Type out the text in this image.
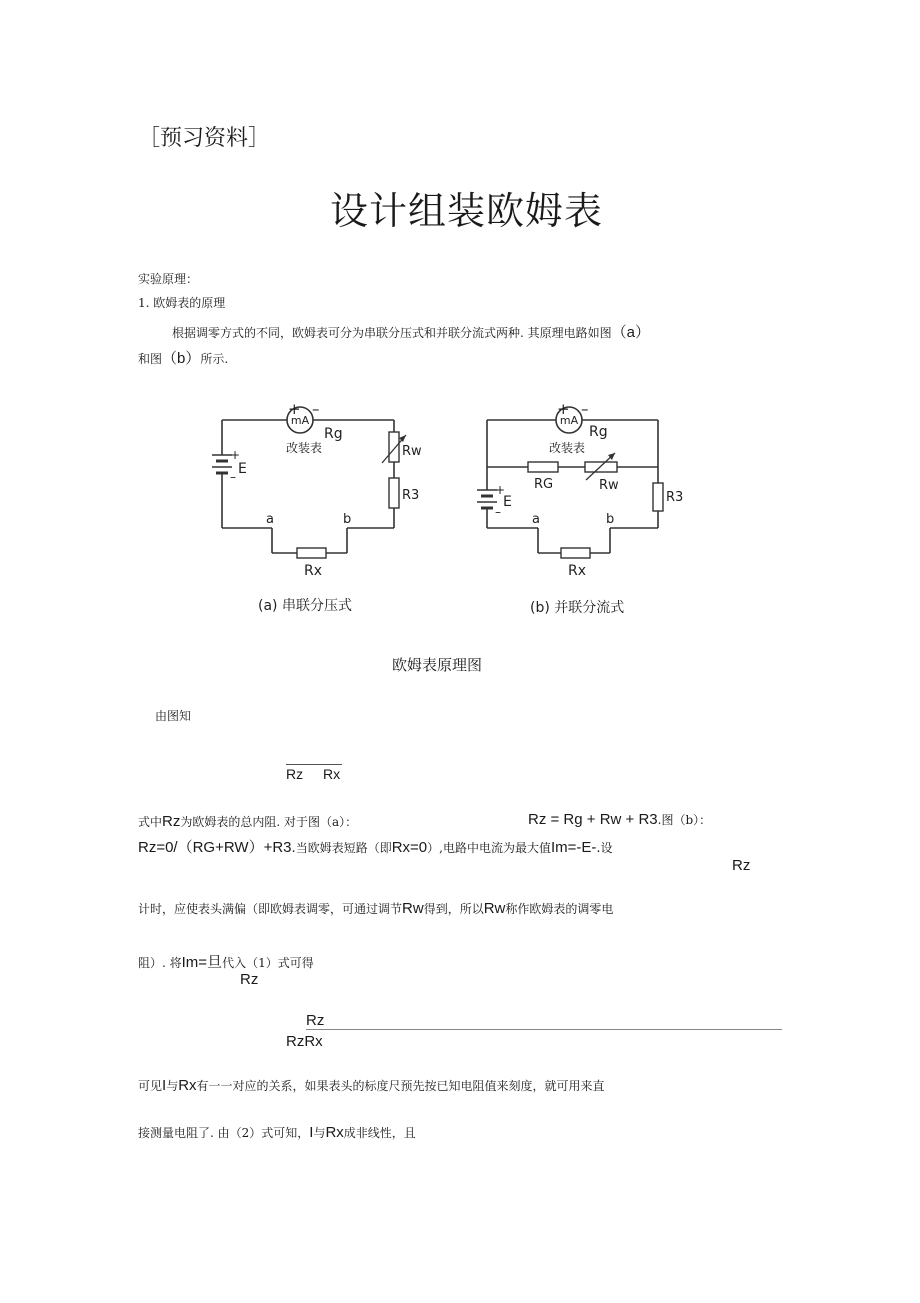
［预习资料］
设计组装欧姆表
实验原理：
1. 欧姆表的原理
根据调零方式的不同，欧姆表可分为串联分压式和并联分流式两种. 其原理电路如图（a）
和图（b）所示.
+ –
mA
Rg
改装表	Rw
R3
+
– E
a	b
Rx
(a) 串联分压式
+ –
mA
Rg
改装表
RG	Rw
R3
+
–
E
a	b
Rx
(b) 并联分流式
欧姆表原理图
由图知
Rz Rx
式中Rz为欧姆表的总内阻. 对于图（a）：	Rz = Rg + Rw + R3.图（b）：
Rz=0/（RG+RW）+R3.当欧姆表短路（即Rx=0）,电路中电流为最大值Im=-E-.设
Rz
计时，应使表头满偏（即欧姆表调零，可通过调节Rw得到，所以Rw称作欧姆表的调零电
阻）. 将Im=旦代入（1）式可得
Rz
Rz
RzRx
可见I与Rx有一一对应的关系，如果表头的标度尺预先按已知电阻值来刻度，就可用来直
接测量电阻了. 由（2）式可知，I与Rx成非线性，且
